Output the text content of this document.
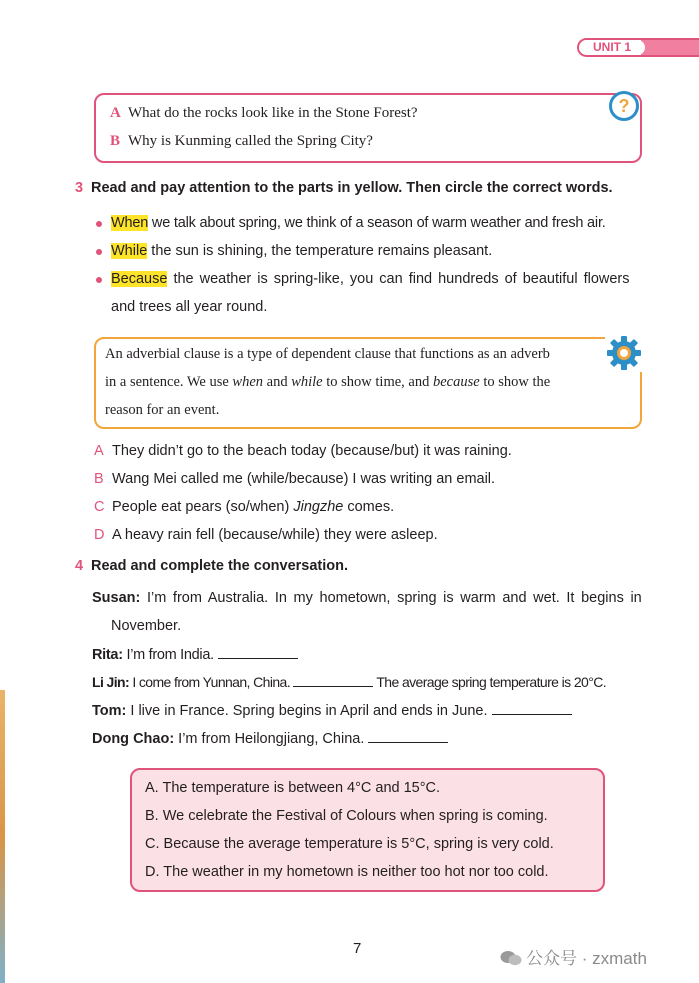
UNIT 1
?
A What do the rocks look like in the Stone Forest?
B Why is Kunming called the Spring City?
3 Read and pay attention to the parts in yellow. Then circle the correct words.
When we talk about spring, we think of a season of warm weather and fresh air.
While the sun is shining, the temperature remains pleasant.
Because the weather is spring-like, you can find hundreds of beautiful flowers
and trees all year round.
An adverbial clause is a type of dependent clause that functions as an adverb
in a sentence. We use when and while to show time, and because to show the
reason for an event.
A They didn’t go to the beach today (because/but) it was raining.
B Wang Mei called me (while/because) I was writing an email.
C People eat pears (so/when) Jingzhe comes.
D A heavy rain fell (because/while) they were asleep.
4 Read and complete the conversation.
Susan: I’m from Australia. In my hometown, spring is warm and wet. It begins in
November.
Rita: I’m from India.
Li Jin: I come from Yunnan, China.	The average spring temperature is 20°C.
Tom: I live in France. Spring begins in April and ends in June.
Dong Chao: I’m from Heilongjiang, China.
A. The temperature is between 4°C and 15°C.
B. We celebrate the Festival of Colours when spring is coming.
C. Because the average temperature is 5°C, spring is very cold.
D. The weather in my hometown is neither too hot nor too cold.
7
公众号 · zxmath
